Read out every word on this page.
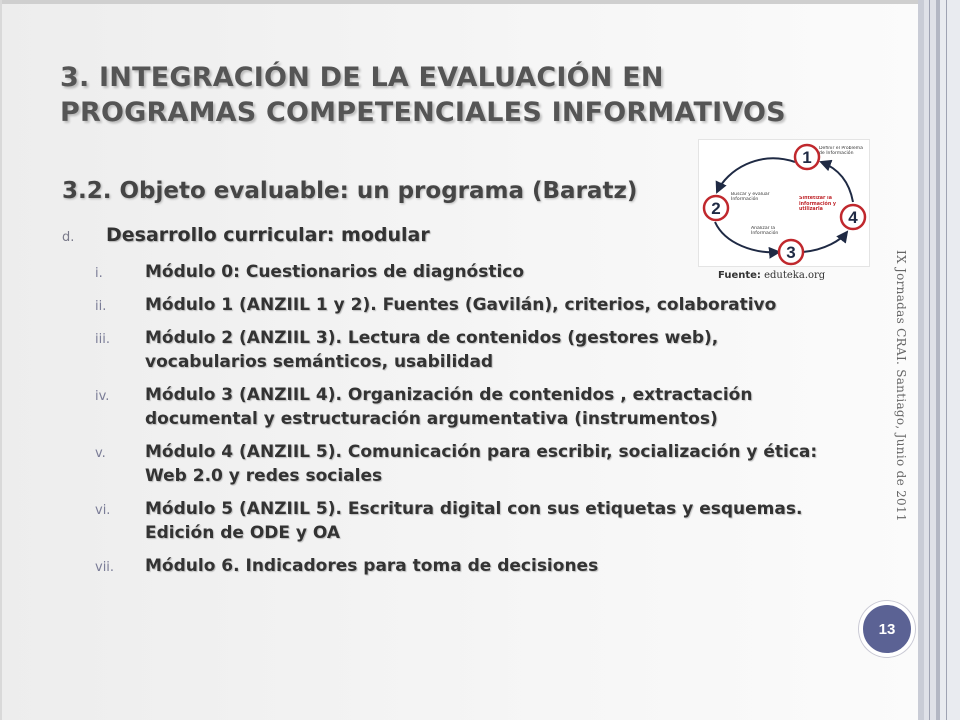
3. INTEGRACIÓN DE LA EVALUACIÓN EN
PROGRAMAS COMPETENCIALES INFORMATIVOS
3.2. Objeto evaluable: un programa (Baratz)
d. Desarrollo curricular: modular
i. Módulo 0: Cuestionarios de diagnóstico
ii. Módulo 1 (ANZIIL 1 y 2). Fuentes (Gavilán), criterios, colaborativo
iii. Módulo 2 (ANZIIL 3). Lectura de contenidos (gestores web), vocabularios semánticos, usabilidad
iv. Módulo 3 (ANZIIL 4). Organización de contenidos , extractación documental y estructuración argumentativa (instrumentos)
v. Módulo 4 (ANZIIL 5). Comunicación para escribir, socialización y ética: Web 2.0 y redes sociales
vi. Módulo 5 (ANZIIL 5). Escritura digital con sus etiquetas y esquemas. Edición de ODE y OA
vii. Módulo 6. Indicadores para toma de decisiones
1
2
3
4
Definir el Problema de Información
Buscar y evaluar Información
Analizar la Información
Sintetizar la información y utilizarla
Fuente: eduteka.org	IX Jornadas CRAI. Santiago, Junio de 2011
13
